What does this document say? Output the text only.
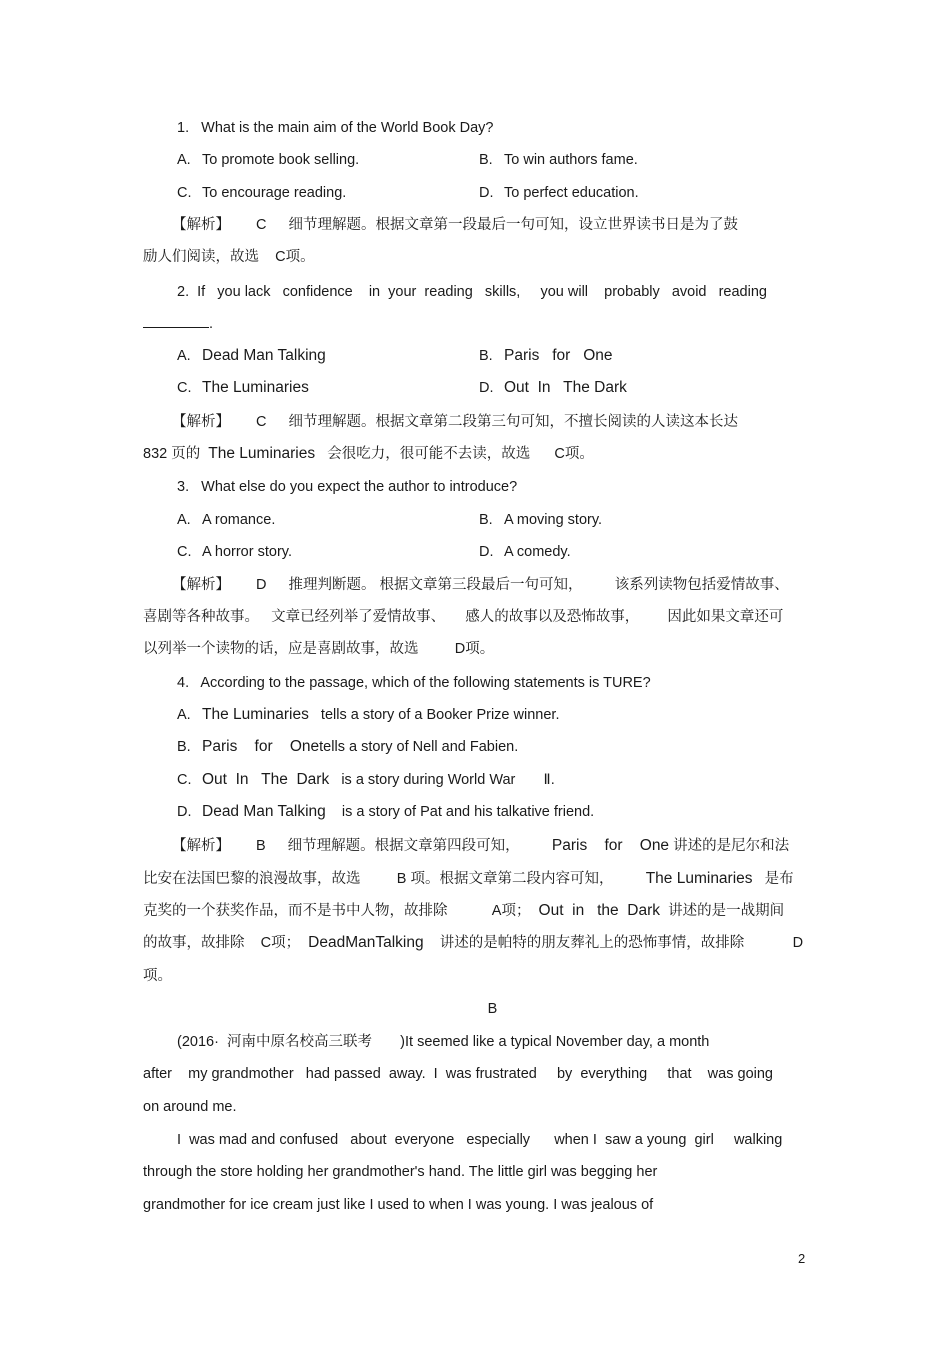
1.   What is the main aim of the World Book Day?
A. To promote book selling.	B. To win authors fame.
C. To encourage reading.	D. To perfect education.
【解析】 C 细节理解题。根据文章第一段最后一句可知，设立世界读书日是为了鼓
励人们阅读，故选    C项。
2.  If   you lack   confidence    in  your  reading   skills,     you will    probably   avoid   reading
.
A. Dead Man Talking	B. Paris   for   One
C. The Luminaries	D. Out  In   The Dark
【解析】 C 细节理解题。根据文章第二段第三句可知，不擅长阅读的人读这本长达
832 页的 The Luminaries 会很吃力，很可能不去读，故选      C项。
3.   What else do you expect the author to introduce?
A. A romance.	B. A moving story.
C. A horror story.	D. A comedy.
【解析】 D 推理判断题。 根据文章第三段最后一句可知，        该系列读物包括爱情故事、
喜剧等各种故事。   文章已经列举了爱情故事、     感人的故事以及恐怖故事，       因此如果文章还可
以列举一个读物的话，应是喜剧故事，故选         D项。
4.   According to the passage, which of the following statements is TURE?
A. The Luminaries tells a story of a Booker Prize winner.
B. Paris    for    Onetells a story of Nell and Fabien.
C. Out  In   The  Dark is a story during World War       Ⅱ.
D. Dead Man Talking is a story of Pat and his talkative friend.
【解析】 B 细节理解题。根据文章第四段可知， Paris    for    One 讲述的是尼尔和法
比安在法国巴黎的浪漫故事，故选         B 项。根据文章第二段内容可知， The Luminaries 是布
克奖的一个获奖作品，而不是书中人物，故排除           A项； Out  in   the  Dark 讲述的是一战期间
的故事，故排除    C项； DeadManTalking 讲述的是帕特的朋友葬礼上的恐怖事情，故排除            D
项。
B
(2016·  河南中原名校高三联考       )It seemed like a typical November day, a month
after    my grandmother   had passed  away.  I  was frustrated     by  everything     that    was going
on around me.
I  was mad and confused   about  everyone   especially      when I  saw a young  girl     walking
through the store holding her grandmother's hand. The little girl was begging her
grandmother for ice cream just like I used to when I was young. I was jealous of
2
